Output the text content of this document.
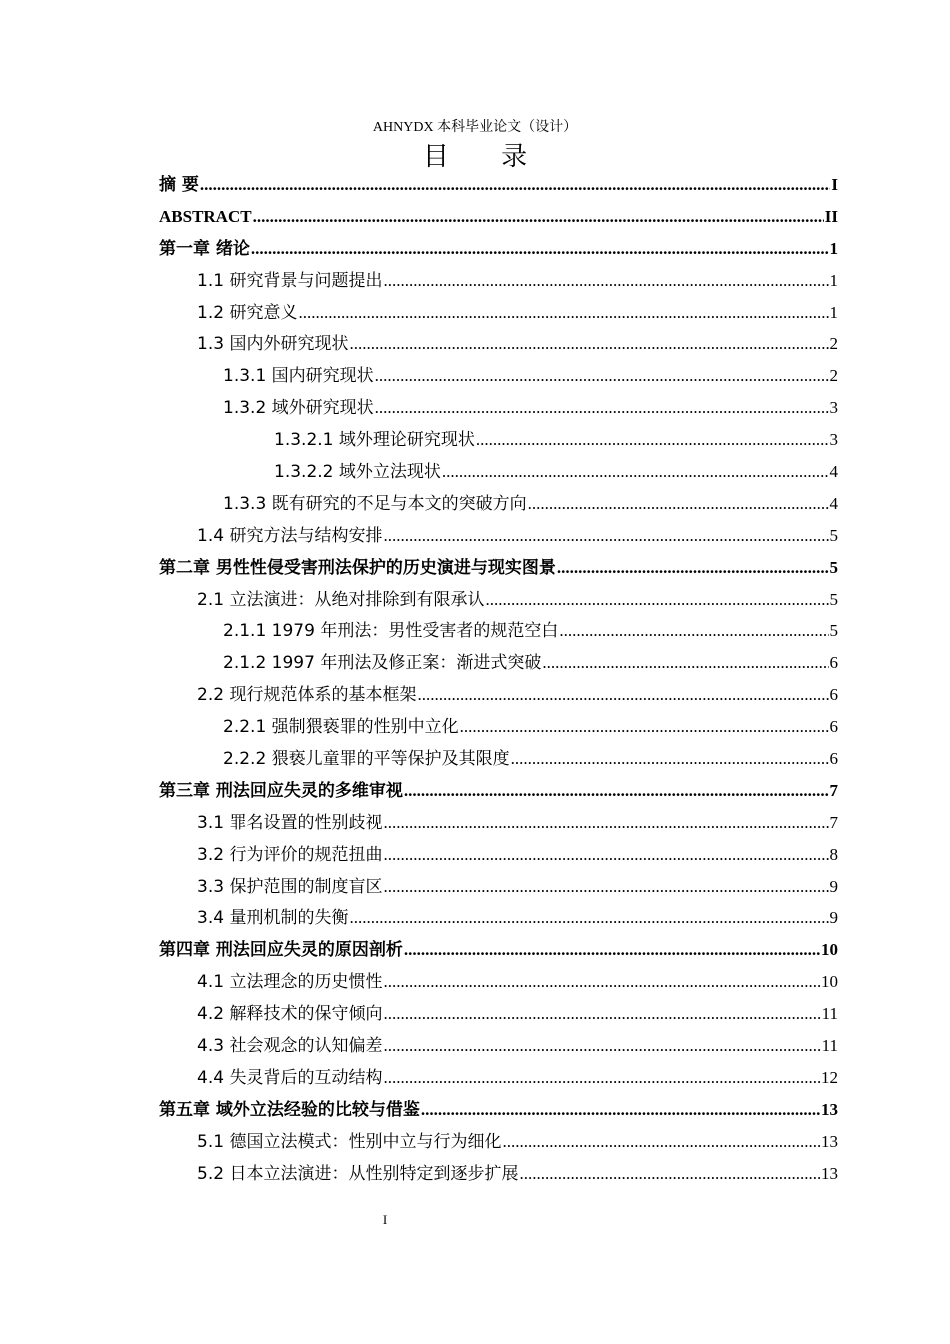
AHNYDX 本科毕业论文（设计）
目 录
摘 要 .....	I
ABSTRACT .....	II
第一章 绪论 .....	1
1.1 研究背景与问题提出 .....	1
1.2 研究意义 .....	1
1.3 国内外研究现状 .....	2
1.3.1 国内研究现状 .....	2
1.3.2 域外研究现状 .....	3
1.3.2.1 域外理论研究现状 .....	3
1.3.2.2 域外立法现状 .....	4
1.3.3 既有研究的不足与本文的突破方向 .....	4
1.4 研究方法与结构安排 .....	5
第二章 男性性侵受害刑法保护的历史演进与现实图景 .....	5
2.1 立法演进：从绝对排除到有限承认 .....	5
2.1.1 1979 年刑法：男性受害者的规范空白 .....	5
2.1.2 1997 年刑法及修正案：渐进式突破 .....	6
2.2 现行规范体系的基本框架 .....	6
2.2.1 强制猥亵罪的性别中立化 .....	6
2.2.2 猥亵儿童罪的平等保护及其限度 .....	6
第三章 刑法回应失灵的多维审视 .....	7
3.1 罪名设置的性别歧视 .....	7
3.2 行为评价的规范扭曲 .....	8
3.3 保护范围的制度盲区 .....	9
3.4 量刑机制的失衡 .....	9
第四章 刑法回应失灵的原因剖析 .....	10
4.1 立法理念的历史惯性 .....	10
4.2 解释技术的保守倾向 .....	11
4.3 社会观念的认知偏差 .....	11
4.4 失灵背后的互动结构 .....	12
第五章 域外立法经验的比较与借鉴 .....	13
5.1 德国立法模式：性别中立与行为细化 .....	13
5.2 日本立法演进：从性别特定到逐步扩展 .....	13
I
